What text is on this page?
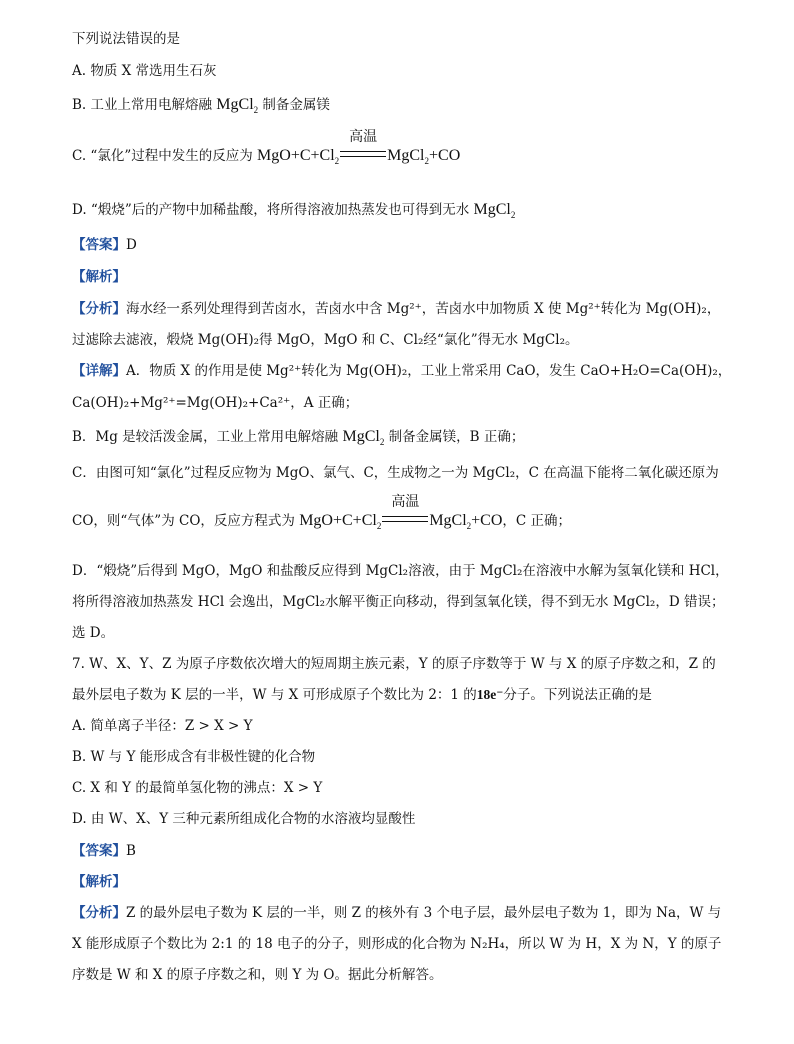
下列说法错误的是
A. 物质 X 常选用生石灰
B. 工业上常用电解熔融 MgCl$_2$ 制备金属镁
C. “氯化”过程中发生的反应为 $MgO+C+Cl_2$
高温
MgCl$_2$+CO
D. “煅烧”后的产物中加稀盐酸，将所得溶液加热蒸发也可得到无水 MgCl$_2$
【答案】D
【解析】
【分析】海水经一系列处理得到苦卤水，苦卤水中含 Mg²⁺，苦卤水中加物质 X 使 Mg²⁺转化为 Mg(OH)₂，
过滤除去滤液，煅烧 Mg(OH)₂得 MgO，MgO 和 C、Cl₂经“氯化”得无水 MgCl₂。
【详解】A．物质 X 的作用是使 Mg²⁺转化为 Mg(OH)₂，工业上常采用 CaO，发生 CaO+H₂O=Ca(OH)₂，
Ca(OH)₂+Mg²⁺=Mg(OH)₂+Ca²⁺，A 正确；
B．Mg 是较活泼金属，工业上常用电解熔融 MgCl$_2$ 制备金属镁，B 正确；
C．由图可知“氯化”过程反应物为 MgO、氯气、C，生成物之一为 MgCl₂，C 在高温下能将二氧化碳还原为
CO，则“气体”为 CO，反应方程式为 $MgO+C+Cl_2$
高温
MgCl$_2$+CO，C 正确；
D．“煅烧”后得到 MgO，MgO 和盐酸反应得到 MgCl₂溶液，由于 MgCl₂在溶液中水解为氢氧化镁和 HCl，
将所得溶液加热蒸发 HCl 会逸出，MgCl₂水解平衡正向移动，得到氢氧化镁，得不到无水 MgCl₂，D 错误；
选 D。
7. W、X、Y、Z 为原子序数依次增大的短周期主族元素，Y 的原子序数等于 W 与 X 的原子序数之和，Z 的
最外层电子数为 K 层的一半，W 与 X 可形成原子个数比为 2：1 的18e⁻分子。下列说法正确的是
A. 简单离子半径：Z > X > Y
B. W 与 Y 能形成含有非极性键的化合物
C. X 和 Y 的最简单氢化物的沸点：X > Y
D. 由 W、X、Y 三种元素所组成化合物的水溶液均显酸性
【答案】B
【解析】
【分析】Z 的最外层电子数为 K 层的一半，则 Z 的核外有 3 个电子层，最外层电子数为 1，即为 Na，W 与
X 能形成原子个数比为 2:1 的 18 电子的分子，则形成的化合物为 N₂H₄，所以 W 为 H，X 为 N，Y 的原子
序数是 W 和 X 的原子序数之和，则 Y 为 O。据此分析解答。
